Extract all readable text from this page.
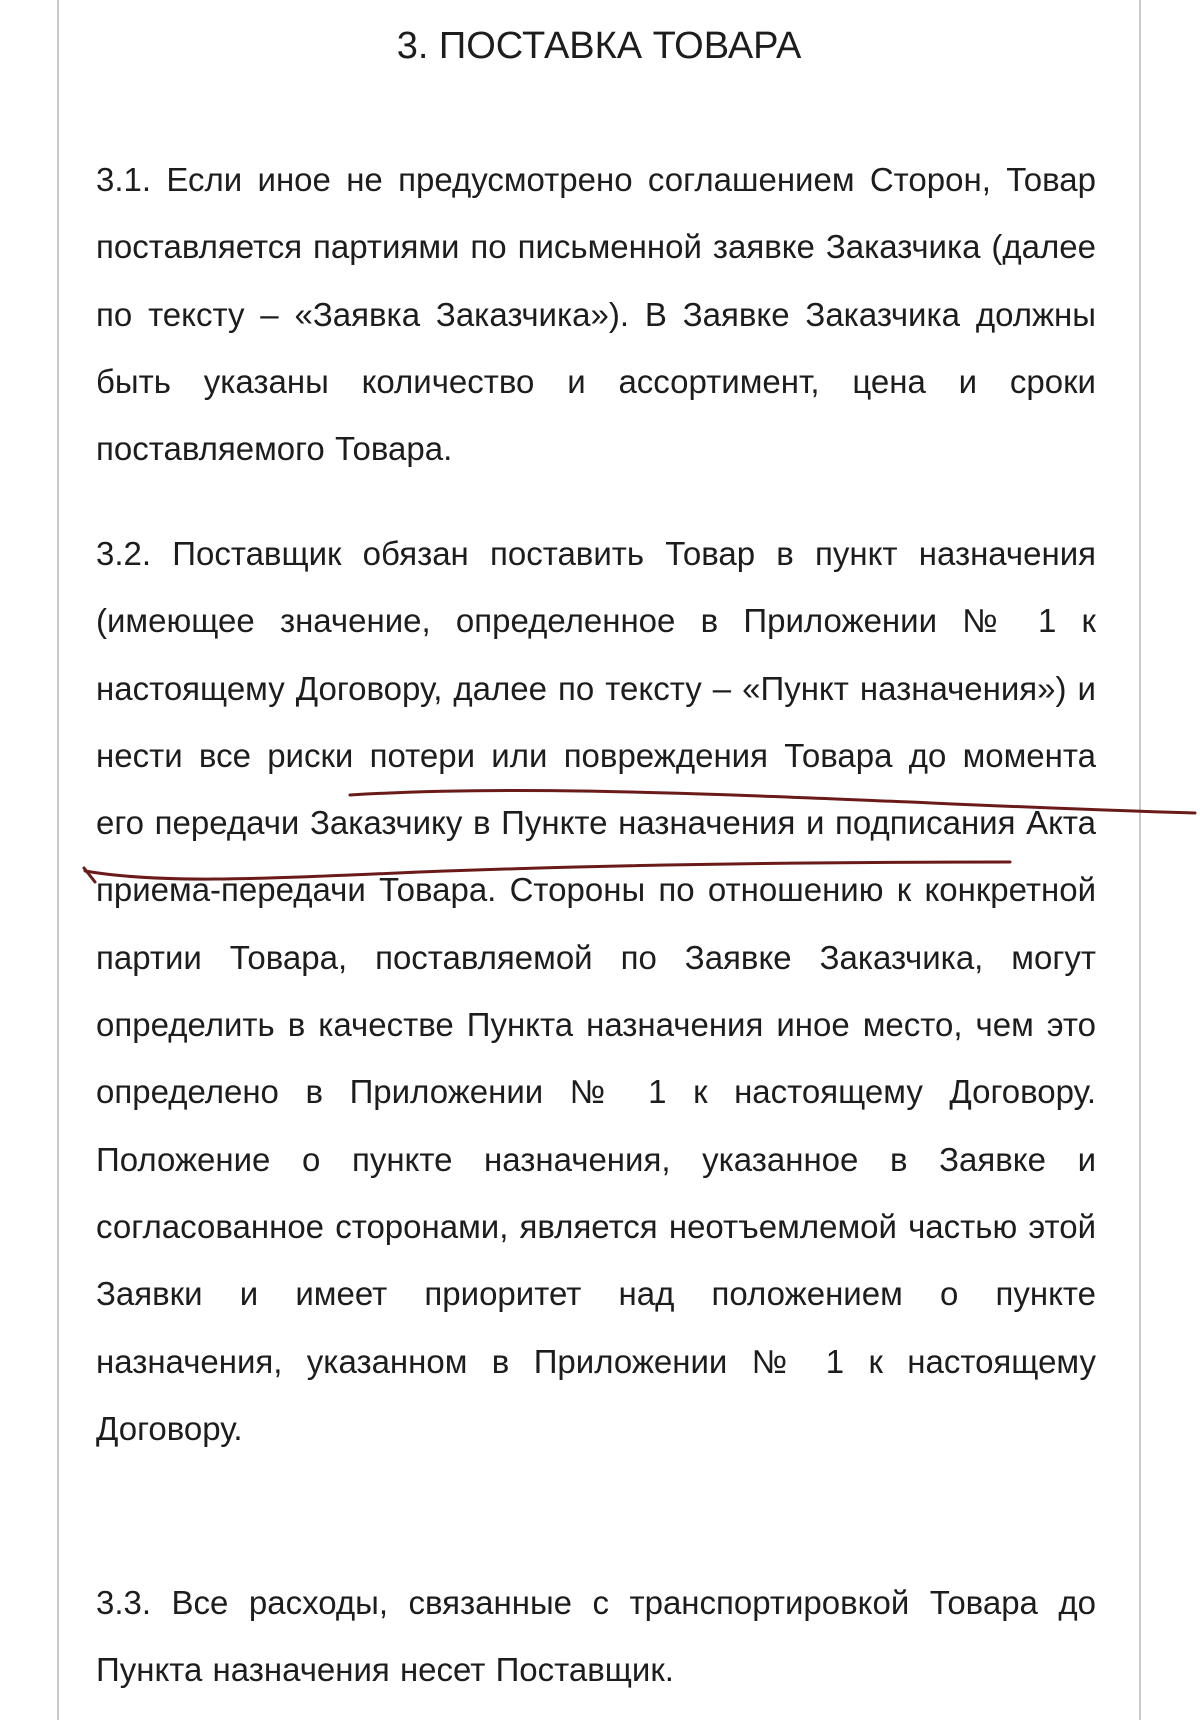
3. ПОСТАВКА ТОВАРА

3.1. Если иное не предусмотрено соглашением Сторон, Товар поставляется партиями по письменной заявке Заказчика (далее по тексту – «Заявка Заказчика»). В Заявке Заказчика должны быть указаны количество и ассортимент, цена и сроки поставляемого Товара.

3.2. Поставщик обязан поставить Товар в пункт назначения (имеющее значение, определенное в Приложении № 1 к настоящему Договору, далее по тексту – «Пункт назначения») и нести все риски потери или повреждения Товара до момента его передачи Заказчику в Пункте назначения и подписания Акта приема-передачи Товара. Стороны по отношению к конкретной партии Товара, поставляемой по Заявке Заказчика, могут определить в качестве Пункта назначения иное место, чем это определено в Приложении № 1 к настоящему Договору. Положение о пункте назначения, указанное в Заявке и согласованное сторонами, является неотъемлемой частью этой Заявки и имеет приоритет над положением о пункте назначения, указанном в Приложении № 1 к настоящему Договору.

3.3. Все расходы, связанные с транспортировкой Товара до Пункта назначения несет Поставщик.
